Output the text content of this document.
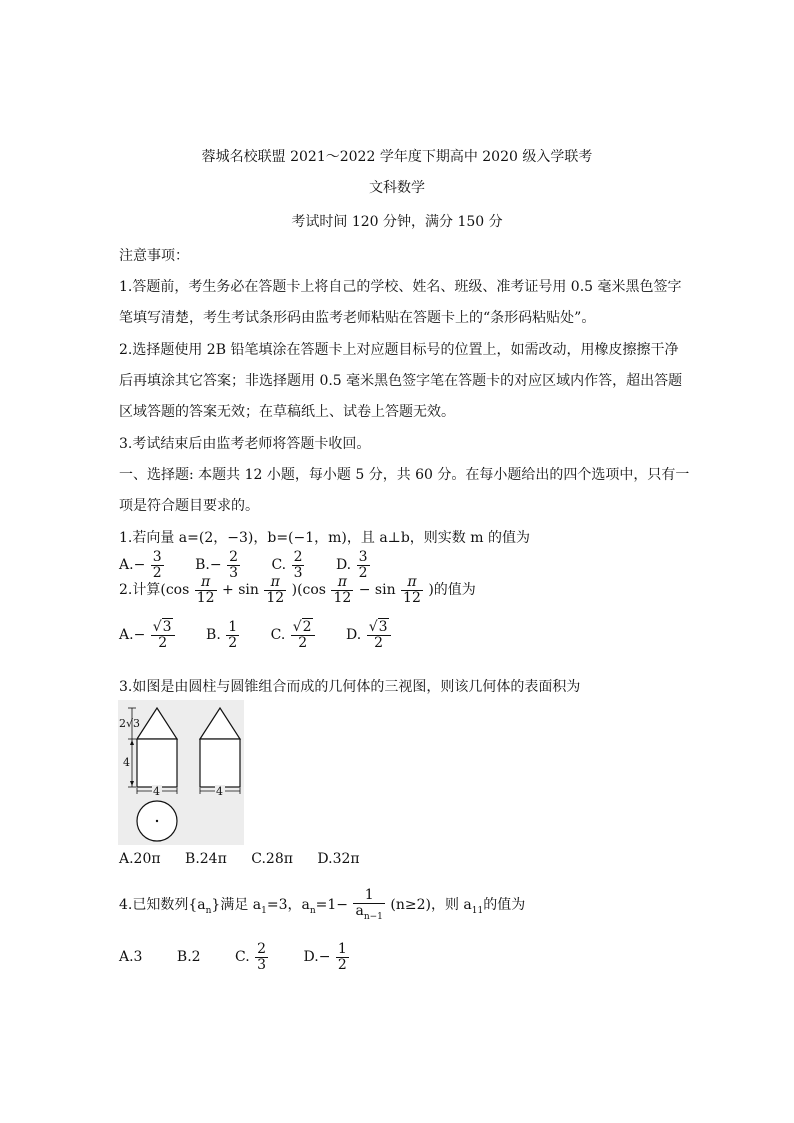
蓉城名校联盟 2021～2022 学年度下期高中 2020 级入学联考
文科数学
考试时间 120 分钟，满分 150 分
注意事项：
1.答题前，考生务必在答题卡上将自己的学校、姓名、班级、准考证号用 0.5 毫米黑色签字
笔填写清楚，考生考试条形码由监考老师粘贴在答题卡上的“条形码粘贴处”。
2.选择题使用 2B 铅笔填涂在答题卡上对应题目标号的位置上，如需改动，用橡皮擦擦干净
后再填涂其它答案；非选择题用 0.5 毫米黑色签字笔在答题卡的对应区域内作答，超出答题
区域答题的答案无效；在草稿纸上、试卷上答题无效。
3.考试结束后由监考老师将答题卡收回。
一、选择题: 本题共 12 小题，每小题 5 分，共 60 分。在每小题给出的四个选项中，只有一
项是符合题目要求的。
1.若向量 a=(2，−3)，b=(−1，m)，且 a⊥b，则实数 m 的值为
$A.- \frac{3}{2} B.- \frac{2}{3} C$. $\frac{2}{3} D$. $\frac{3}{2}$
2.计算$(\cos \frac{\pi}{12} + \sin \frac{\pi}{12} )(\cos \frac{\pi}{12} - \sin \frac{\pi}{12}$ )的值为
$A.- \frac{√3}{2} B$. $\frac{1}{2} C$. $\frac{√2}{2} D$. $\frac{√3}{2}$
3.如图是由圆柱与圆锥组合而成的几何体的三视图，则该几何体的表面积为
2√3
4
4	4
A.20π B.24π C.28π D.32π
4.已知数列$\{a_n\}$满足 $a_1=3$，$a_n=1- \frac{1}{a_{n-1}} (n\ge 2)$，则 $a_{11}$的值为
A.3 B.2 C. $\frac{2}{3}$	$D.- \frac{1}{2}$
